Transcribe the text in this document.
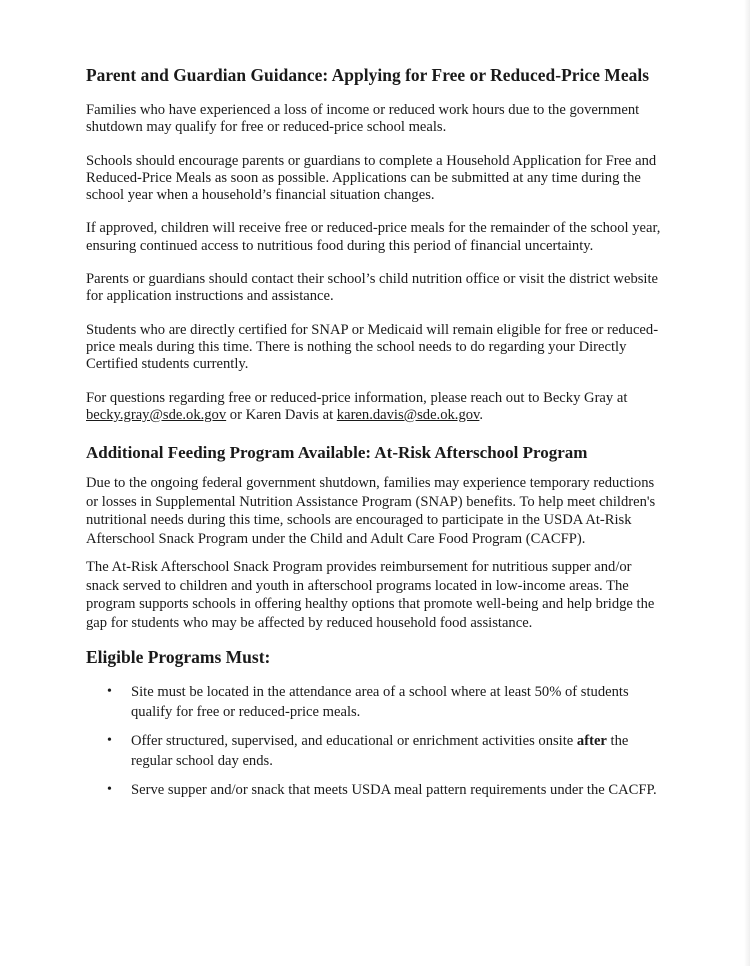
Parent and Guardian Guidance: Applying for Free or Reduced-Price Meals

Families who have experienced a loss of income or reduced work hours due to the government shutdown may qualify for free or reduced-price school meals.

Schools should encourage parents or guardians to complete a Household Application for Free and Reduced-Price Meals as soon as possible. Applications can be submitted at any time during the school year when a household’s financial situation changes.

If approved, children will receive free or reduced-price meals for the remainder of the school year, ensuring continued access to nutritious food during this period of financial uncertainty.

Parents or guardians should contact their school’s child nutrition office or visit the district website for application instructions and assistance.

Students who are directly certified for SNAP or Medicaid will remain eligible for free or reduced-price meals during this time. There is nothing the school needs to do regarding your Directly Certified students currently.

For questions regarding free or reduced-price information, please reach out to Becky Gray at becky.gray@sde.ok.gov or Karen Davis at karen.davis@sde.ok.gov.

Additional Feeding Program Available: At-Risk Afterschool Program

Due to the ongoing federal government shutdown, families may experience temporary reductions or losses in Supplemental Nutrition Assistance Program (SNAP) benefits. To help meet children's nutritional needs during this time, schools are encouraged to participate in the USDA At-Risk Afterschool Snack Program under the Child and Adult Care Food Program (CACFP).

The At-Risk Afterschool Snack Program provides reimbursement for nutritious supper and/or snack served to children and youth in afterschool programs located in low-income areas. The program supports schools in offering healthy options that promote well-being and help bridge the gap for students who may be affected by reduced household food assistance.

Eligible Programs Must:
• Site must be located in the attendance area of a school where at least 50% of students qualify for free or reduced-price meals.
• Offer structured, supervised, and educational or enrichment activities onsite after the regular school day ends.
• Serve supper and/or snack that meets USDA meal pattern requirements under the CACFP.
